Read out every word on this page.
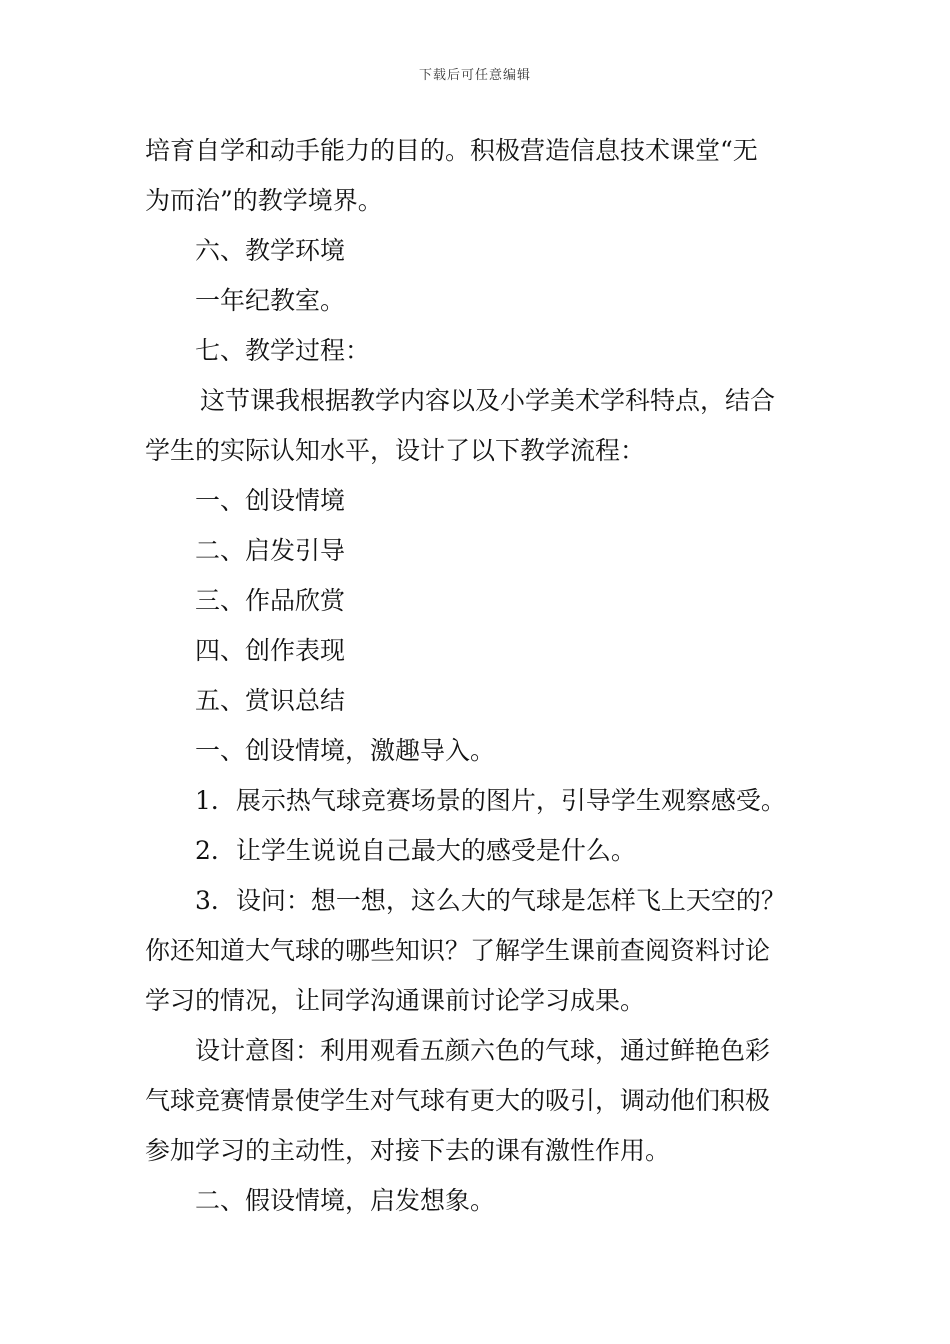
下载后可任意编辑
培育自学和动手能力的目的。积极营造信息技术课堂“无
为而治”的教学境界。
六、教学环境
一年纪教室。
七、教学过程：
这节课我根据教学内容以及小学美术学科特点，结合
学生的实际认知水平，设计了以下教学流程：
一、创设情境
二、启发引导
三、作品欣赏
四、创作表现
五、赏识总结
一、创设情境，激趣导入。
1．展示热气球竞赛场景的图片，引导学生观察感受。
2．让学生说说自己最大的感受是什么。
3．设问：想一想，这么大的气球是怎样飞上天空的？
你还知道大气球的哪些知识？了解学生课前查阅资料讨论
学习的情况，让同学沟通课前讨论学习成果。
设计意图：利用观看五颜六色的气球，通过鲜艳色彩
气球竞赛情景使学生对气球有更大的吸引，调动他们积极
参加学习的主动性，对接下去的课有激性作用。
二、假设情境，启发想象。
